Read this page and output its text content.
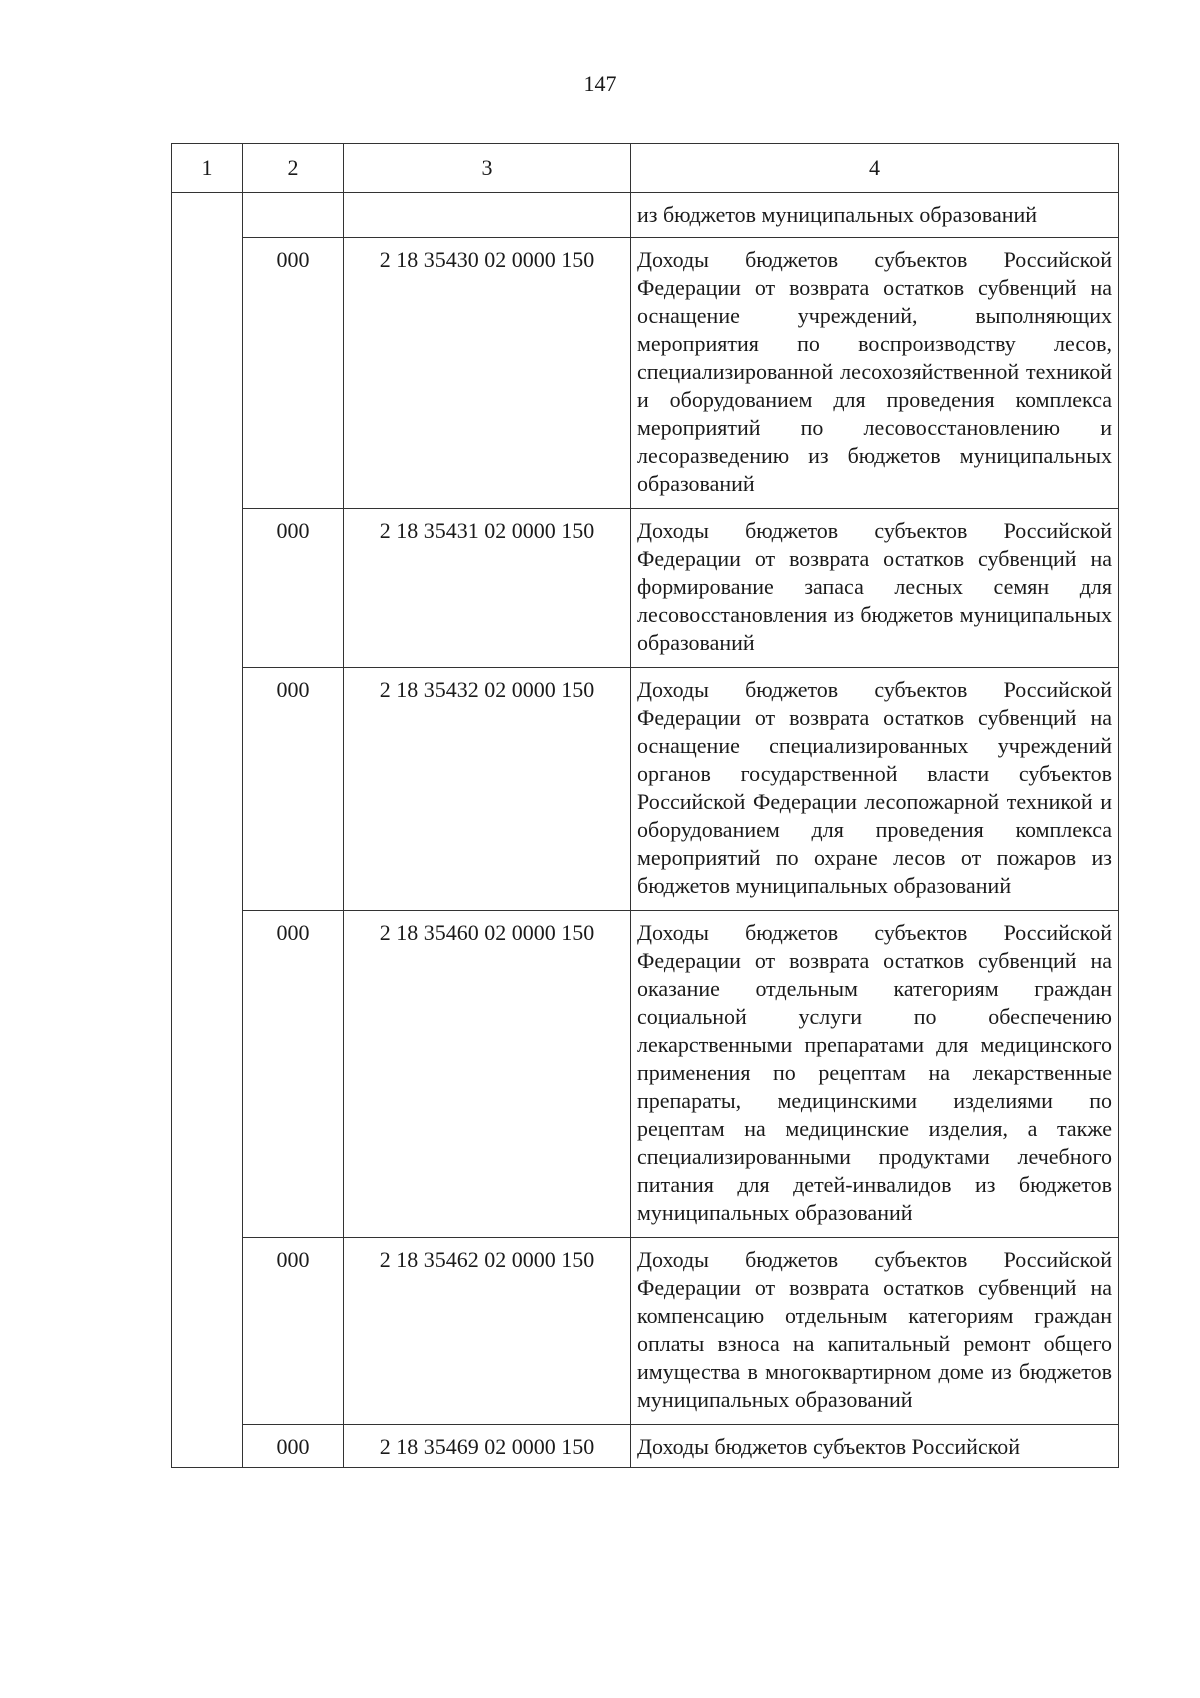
147
1	2	3	4
			из бюджетов муниципальных образований
	000	2 18 35430 02 0000 150	Доходы бюджетов субъектов Российской Федерации от возврата остатков субвенций на оснащение учреждений, выполняющих мероприятия по воспроизводству лесов, специализированной лесохозяйственной техникой и оборудованием для проведения комплекса мероприятий по лесовосстановлению и лесоразведению из бюджетов муниципальных образований
	000	2 18 35431 02 0000 150	Доходы бюджетов субъектов Российской Федерации от возврата остатков субвенций на формирование запаса лесных семян для лесовосстановления из бюджетов муниципальных образований
	000	2 18 35432 02 0000 150	Доходы бюджетов субъектов Российской Федерации от возврата остатков субвенций на оснащение специализированных учреждений органов государственной власти субъектов Российской Федерации лесопожарной техникой и оборудованием для проведения комплекса мероприятий по охране лесов от пожаров из бюджетов муниципальных образований
	000	2 18 35460 02 0000 150	Доходы бюджетов субъектов Российской Федерации от возврата остатков субвенций на оказание отдельным категориям граждан социальной услуги по обеспечению лекарственными препаратами для медицинского применения по рецептам на лекарственные препараты, медицинскими изделиями по рецептам на медицинские изделия, а также специализированными продуктами лечебного питания для детей-инвалидов из бюджетов муниципальных образований
	000	2 18 35462 02 0000 150	Доходы бюджетов субъектов Российской Федерации от возврата остатков субвенций на компенсацию отдельным категориям граждан оплаты взноса на капитальный ремонт общего имущества в многоквартирном доме из бюджетов муниципальных образований
	000	2 18 35469 02 0000 150	Доходы бюджетов субъектов Российской
